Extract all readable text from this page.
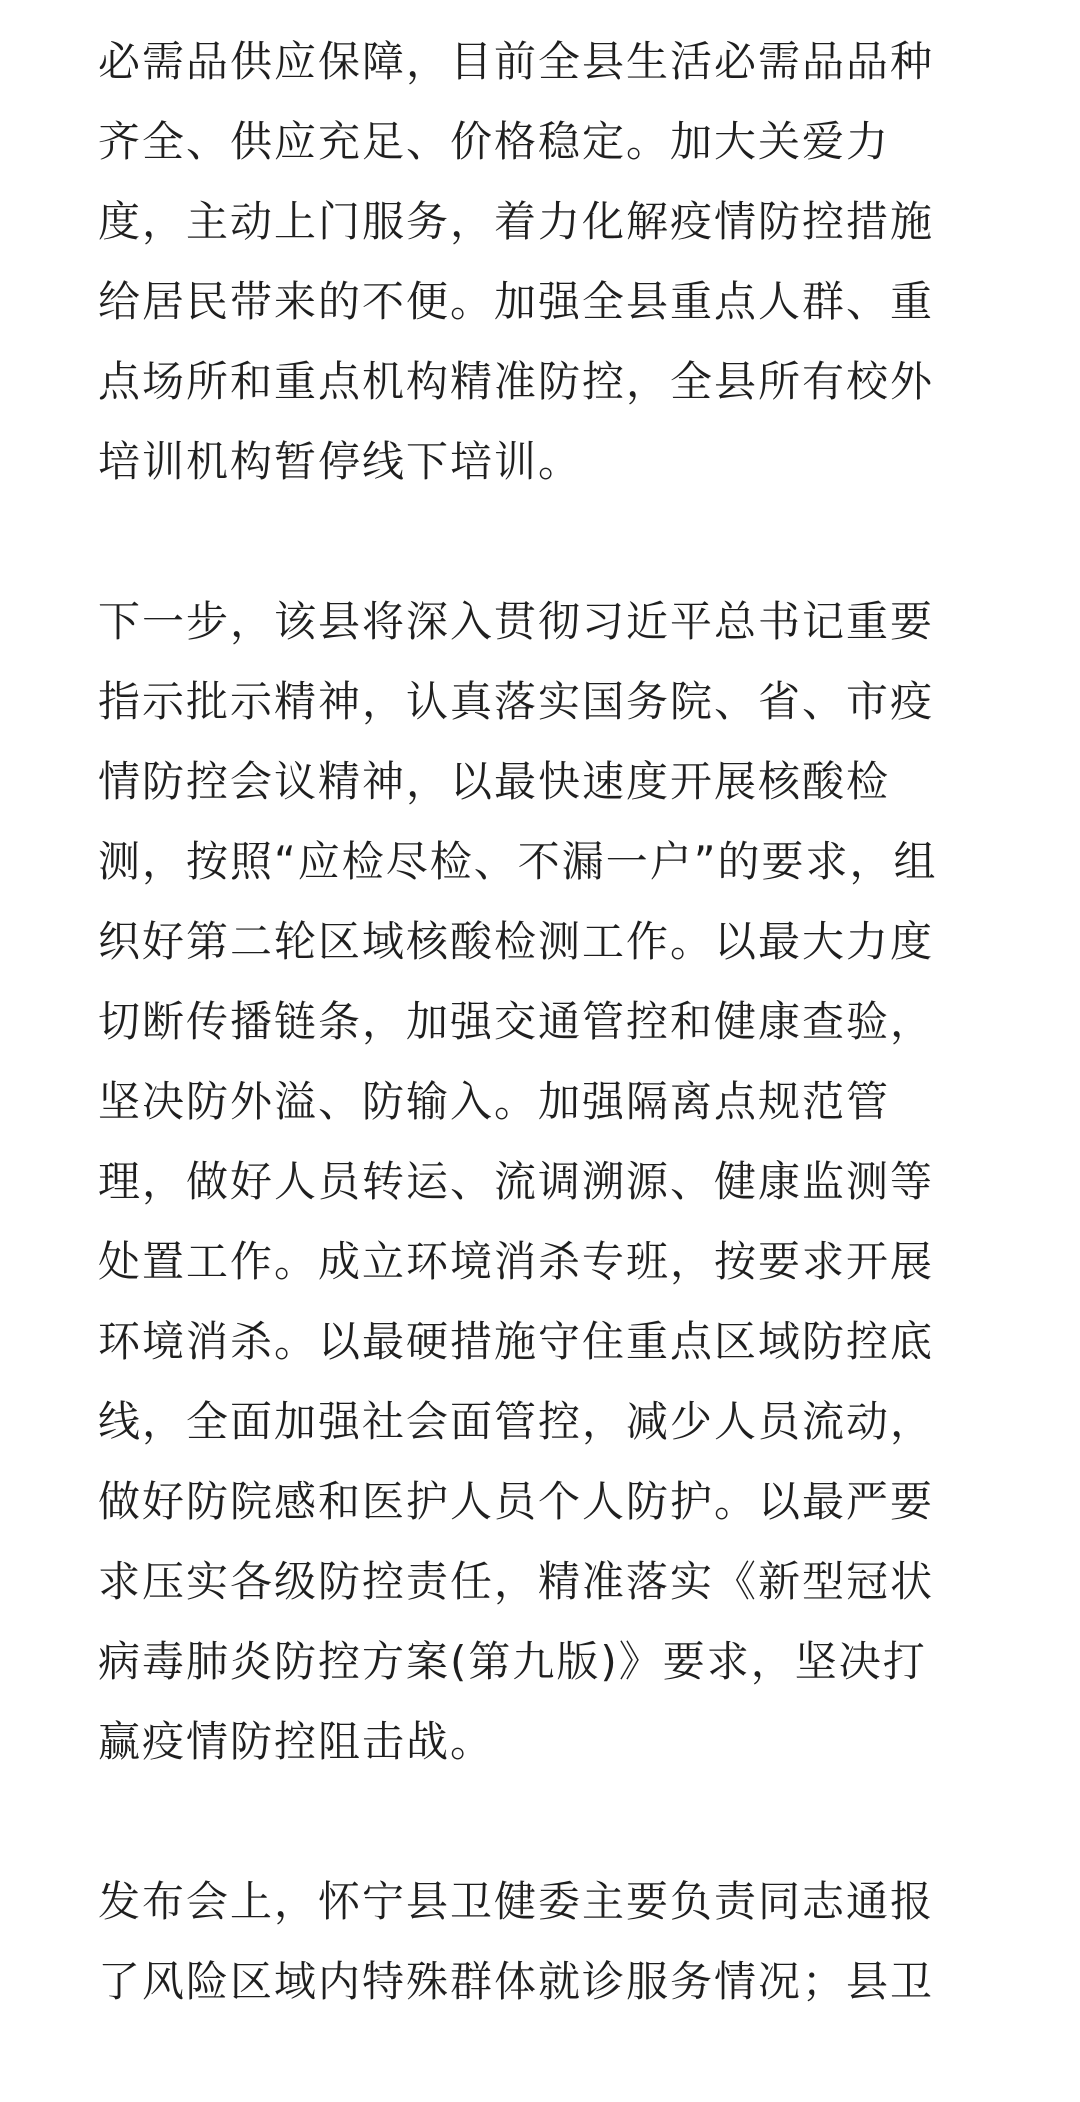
必需品供应保障，目前全县生活必需品品种
齐全、供应充足、价格稳定。加大关爱力
度，主动上门服务，着力化解疫情防控措施
给居民带来的不便。加强全县重点人群、重
点场所和重点机构精准防控，全县所有校外
培训机构暂停线下培训。

下一步，该县将深入贯彻习近平总书记重要
指示批示精神，认真落实国务院、省、市疫
情防控会议精神，以最快速度开展核酸检
测，按照“应检尽检、不漏一户”的要求，组
织好第二轮区域核酸检测工作。以最大力度
切断传播链条，加强交通管控和健康查验，
坚决防外溢、防输入。加强隔离点规范管
理，做好人员转运、流调溯源、健康监测等
处置工作。成立环境消杀专班，按要求开展
环境消杀。以最硬措施守住重点区域防控底
线，全面加强社会面管控，减少人员流动，
做好防院感和医护人员个人防护。以最严要
求压实各级防控责任，精准落实《新型冠状
病毒肺炎防控方案(第九版)》要求，坚决打
赢疫情防控阻击战。

发布会上，怀宁县卫健委主要负责同志通报
了风险区域内特殊群体就诊服务情况；县卫
